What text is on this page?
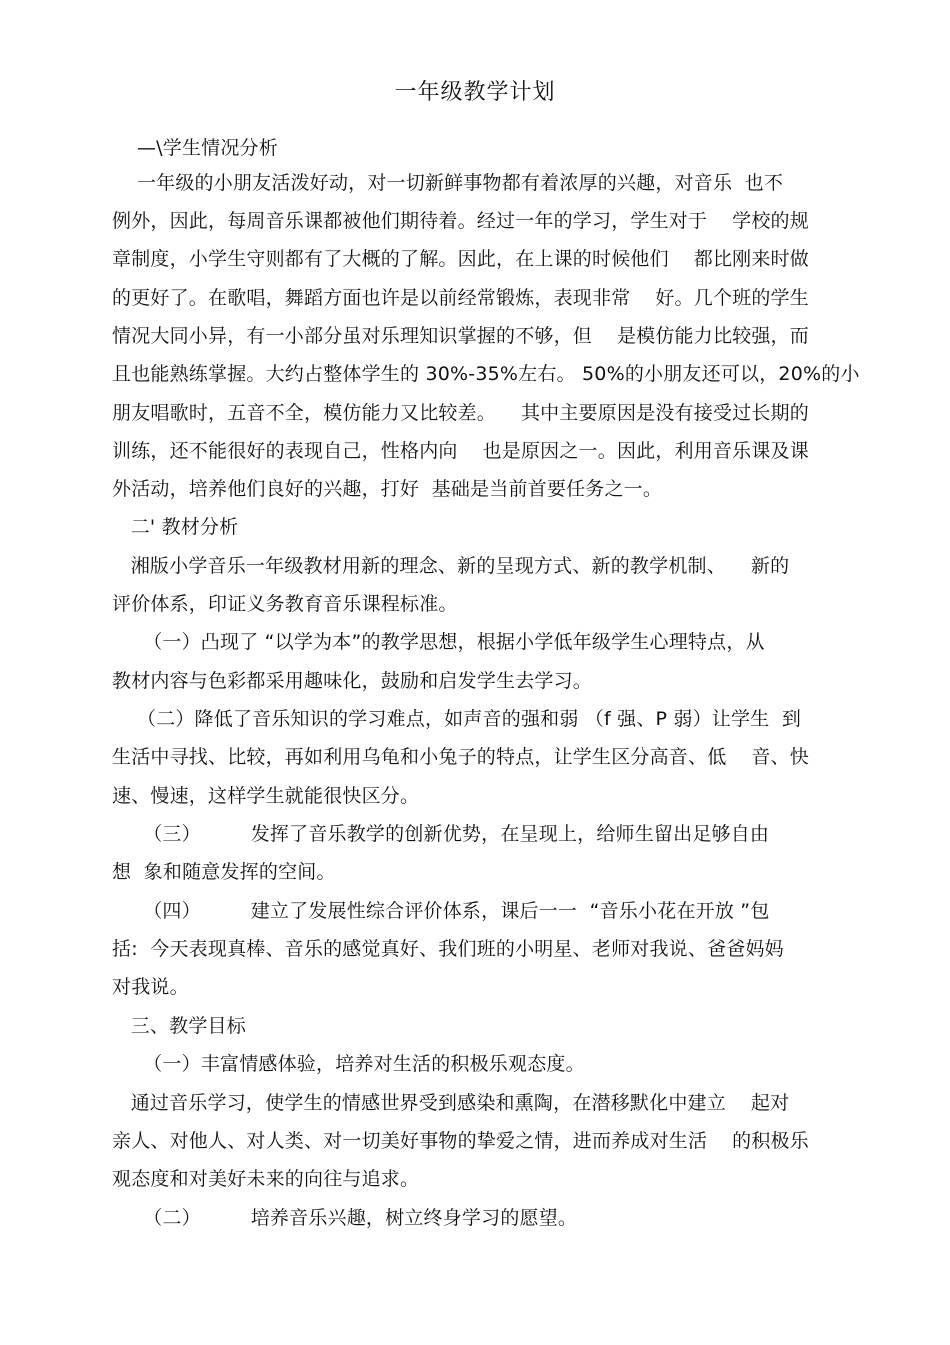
一年级教学计划
—\学生情况分析
一年级的小朋友活泼好动，对一切新鲜事物都有着浓厚的兴趣，对音乐  也不
例外，因此，每周音乐课都被他们期待着。经过一年的学习，学生对于    学校的规
章制度，小学生守则都有了大概的了解。因此，在上课的时候他们    都比刚来时做
的更好了。在歌唱，舞蹈方面也许是以前经常锻炼，表现非常    好。几个班的学生
情况大同小异，有一小部分虽对乐理知识掌握的不够，但    是模仿能力比较强，而
且也能熟练掌握。大约占整体学生的 30%-35%左右。 50%的小朋友还可以，20%的小
朋友唱歌时，五音不全，模仿能力又比较差。    其中主要原因是没有接受过长期的
训练，还不能很好的表现自己，性格内向    也是原因之一。因此，利用音乐课及课
外活动，培养他们良好的兴趣，打好  基础是当前首要任务之一。
二' 教材分析
湘版小学音乐一年级教材用新的理念、新的呈现方式、新的教学机制、    新的
评价体系，印证义务教育音乐课程标准。
（一）凸现了 “以学为本”的教学思想，根据小学低年级学生心理特点，从
教材内容与色彩都采用趣味化，鼓励和启发学生去学习。
（二）降低了音乐知识的学习难点，如声音的强和弱 （f 强、P 弱）让学生  到
生活中寻找、比较，再如利用乌龟和小兔子的特点，让学生区分高音、低    音、快
速、慢速，这样学生就能很快区分。
（三）        发挥了音乐教学的创新优势，在呈现上，给师生留出足够自由
想  象和随意发挥的空间。
（四）        建立了发展性综合评价体系，课后一一  “音乐小花在开放 ”包
括:  今天表现真棒、音乐的感觉真好、我们班的小明星、老师对我说、爸爸妈妈
对我说。
三、教学目标
（一）丰富情感体验，培养对生活的积极乐观态度。
通过音乐学习，使学生的情感世界受到感染和熏陶，在潜移默化中建立    起对
亲人、对他人、对人类、对一切美好事物的挚爱之情，进而养成对生活    的积极乐
观态度和对美好未来的向往与追求。
（二）        培养音乐兴趣，树立终身学习的愿望。
